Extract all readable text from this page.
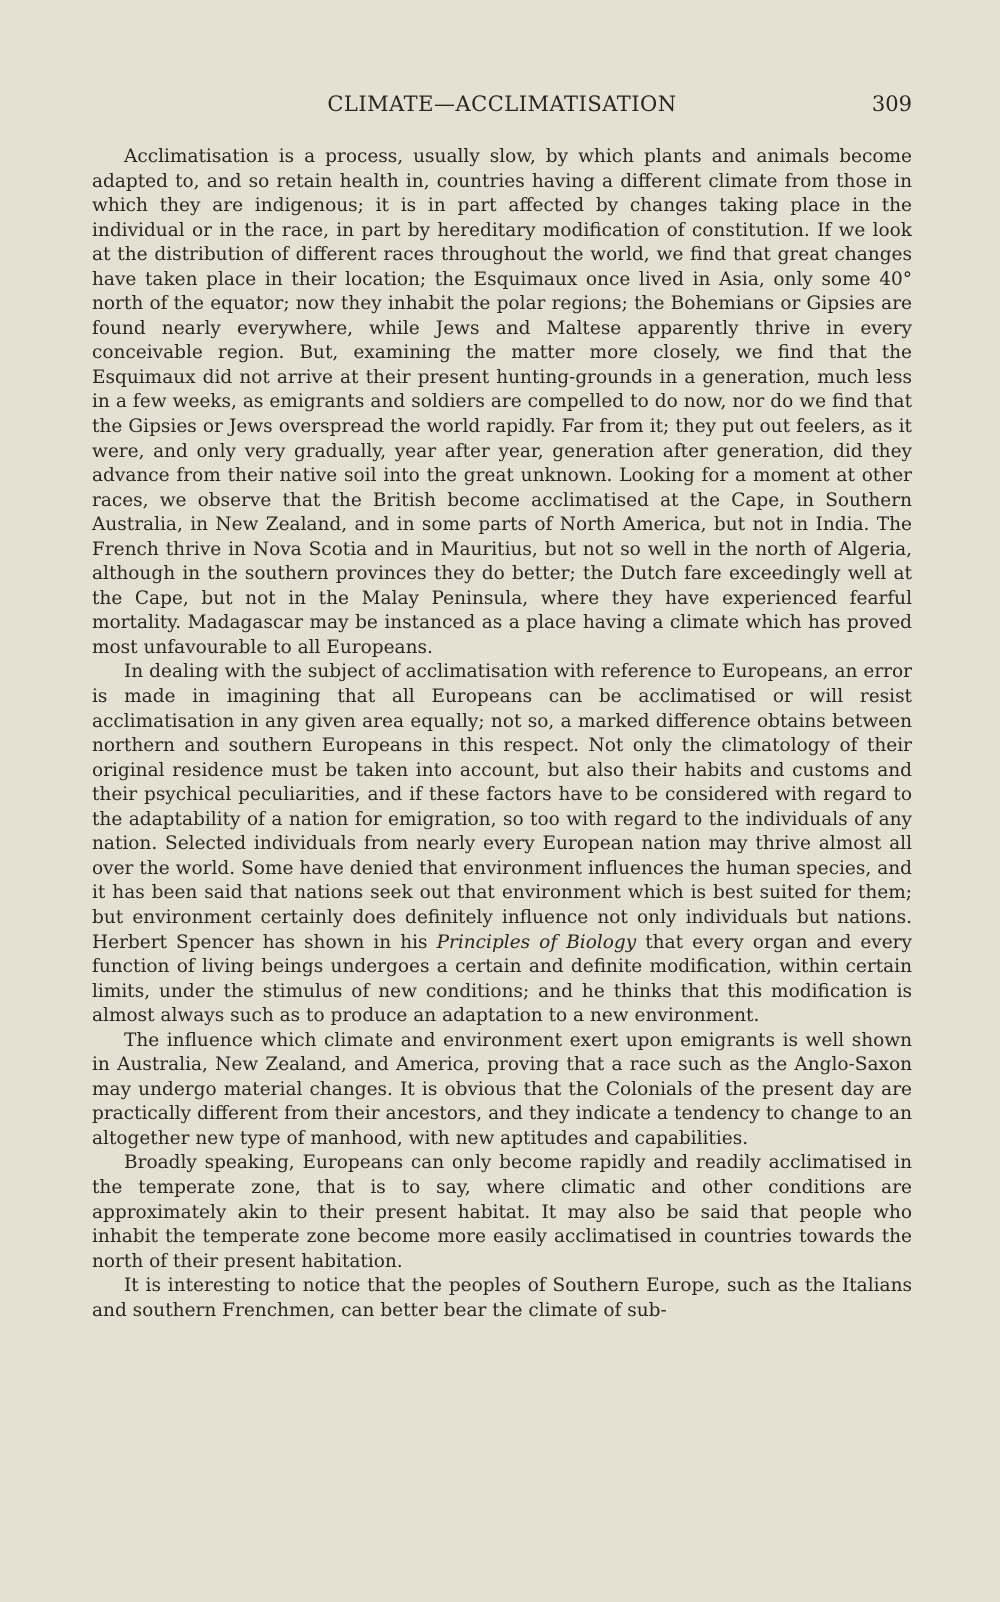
CLIMATE—ACCLIMATISATION	309

Acclimatisation is a process, usually slow, by which plants and animals become adapted to, and so retain health in, countries having a different climate from those in which they are indigenous; it is in part affected by changes taking place in the individual or in the race, in part by hereditary modification of constitution. If we look at the distribution of different races throughout the world, we find that great changes have taken place in their location; the Esquimaux once lived in Asia, only some 40° north of the equator; now they inhabit the polar regions; the Bohemians or Gipsies are found nearly everywhere, while Jews and Maltese apparently thrive in every conceivable region. But, examining the matter more closely, we find that the Esquimaux did not arrive at their present hunting-grounds in a generation, much less in a few weeks, as emigrants and soldiers are compelled to do now, nor do we find that the Gipsies or Jews overspread the world rapidly. Far from it; they put out feelers, as it were, and only very gradually, year after year, generation after generation, did they advance from their native soil into the great unknown. Looking for a moment at other races, we observe that the British become acclimatised at the Cape, in Southern Australia, in New Zealand, and in some parts of North America, but not in India. The French thrive in Nova Scotia and in Mauritius, but not so well in the north of Algeria, although in the southern provinces they do better; the Dutch fare exceedingly well at the Cape, but not in the Malay Peninsula, where they have experienced fearful mortality. Madagascar may be instanced as a place having a climate which has proved most unfavourable to all Europeans.

In dealing with the subject of acclimatisation with reference to Europeans, an error is made in imagining that all Europeans can be acclimatised or will resist acclimatisation in any given area equally; not so, a marked difference obtains between northern and southern Europeans in this respect. Not only the climatology of their original residence must be taken into account, but also their habits and customs and their psychical peculiarities, and if these factors have to be considered with regard to the adaptability of a nation for emigration, so too with regard to the individuals of any nation. Selected individuals from nearly every European nation may thrive almost all over the world. Some have denied that environment influences the human species, and it has been said that nations seek out that environment which is best suited for them; but environment certainly does definitely influence not only individuals but nations. Herbert Spencer has shown in his Principles of Biology that every organ and every function of living beings undergoes a certain and definite modification, within certain limits, under the stimulus of new conditions; and he thinks that this modification is almost always such as to produce an adaptation to a new environment.

The influence which climate and environment exert upon emigrants is well shown in Australia, New Zealand, and America, proving that a race such as the Anglo-Saxon may undergo material changes. It is obvious that the Colonials of the present day are practically different from their ancestors, and they indicate a tendency to change to an altogether new type of manhood, with new aptitudes and capabilities.

Broadly speaking, Europeans can only become rapidly and readily acclimatised in the temperate zone, that is to say, where climatic and other conditions are approximately akin to their present habitat. It may also be said that people who inhabit the temperate zone become more easily acclimatised in countries towards the north of their present habitation.

It is interesting to notice that the peoples of Southern Europe, such as the Italians and southern Frenchmen, can better bear the climate of sub-
